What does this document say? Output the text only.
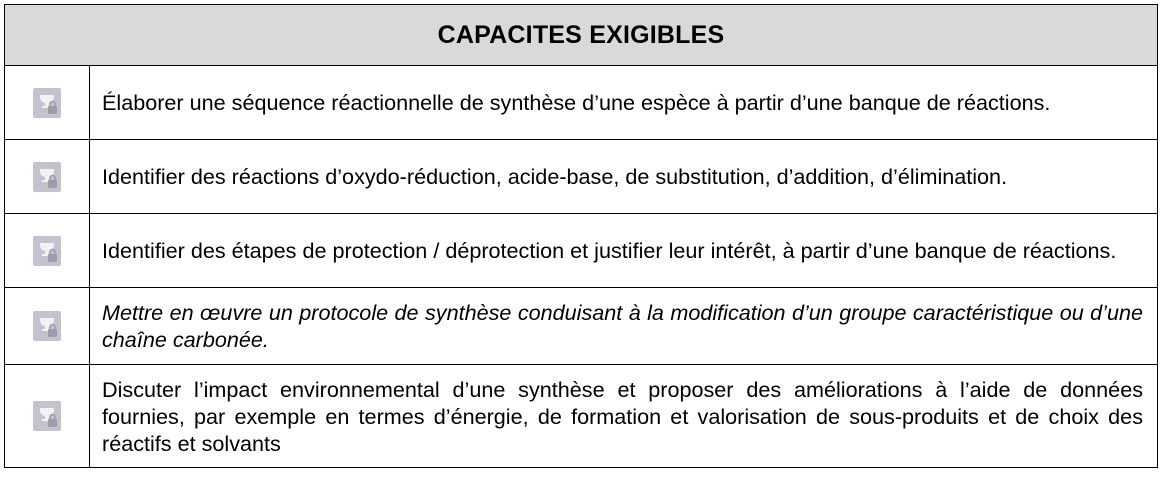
CAPACITES EXIGIBLES
Élaborer une séquence réactionnelle de synthèse d’une espèce à partir d’une banque de réactions.
Identifier des réactions d’oxydo-réduction, acide-base, de substitution, d’addition, d’élimination.
Identifier des étapes de protection / déprotection et justifier leur intérêt, à partir d’une banque de réactions.
Mettre en œuvre un protocole de synthèse conduisant à la modification d’un groupe caractéristique ou d’une chaîne carbonée.
Discuter l’impact environnemental d’une synthèse et proposer des améliorations à l’aide de données fournies, par exemple en termes d’énergie, de formation et valorisation de sous-produits et de choix des réactifs et solvants
